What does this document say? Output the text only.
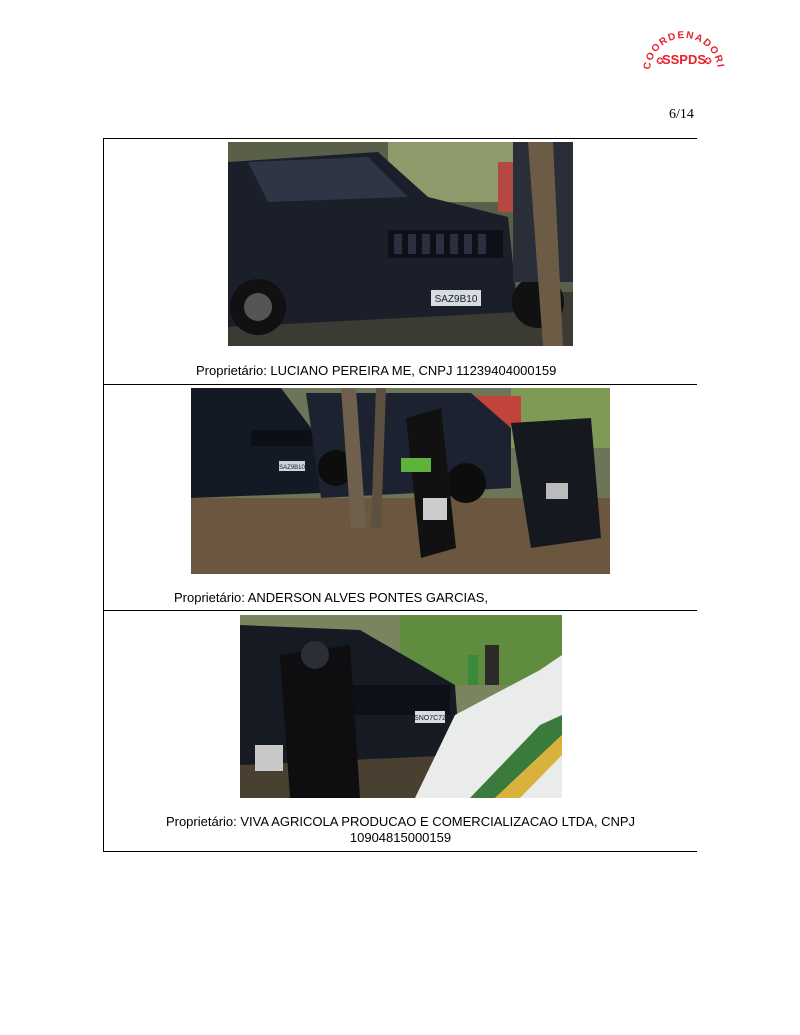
COORDENADORI
SSPDS
✪	✪
6/14
SAZ9B10
Proprietário: LUCIANO PEREIRA ME, CNPJ 11239404000159
SAZ9B10
Proprietário: ANDERSON ALVES PONTES GARCIAS,
SNO7C72
Proprietário: VIVA AGRICOLA PRODUCAO E COMERCIALIZACAO LTDA, CNPJ
10904815000159
